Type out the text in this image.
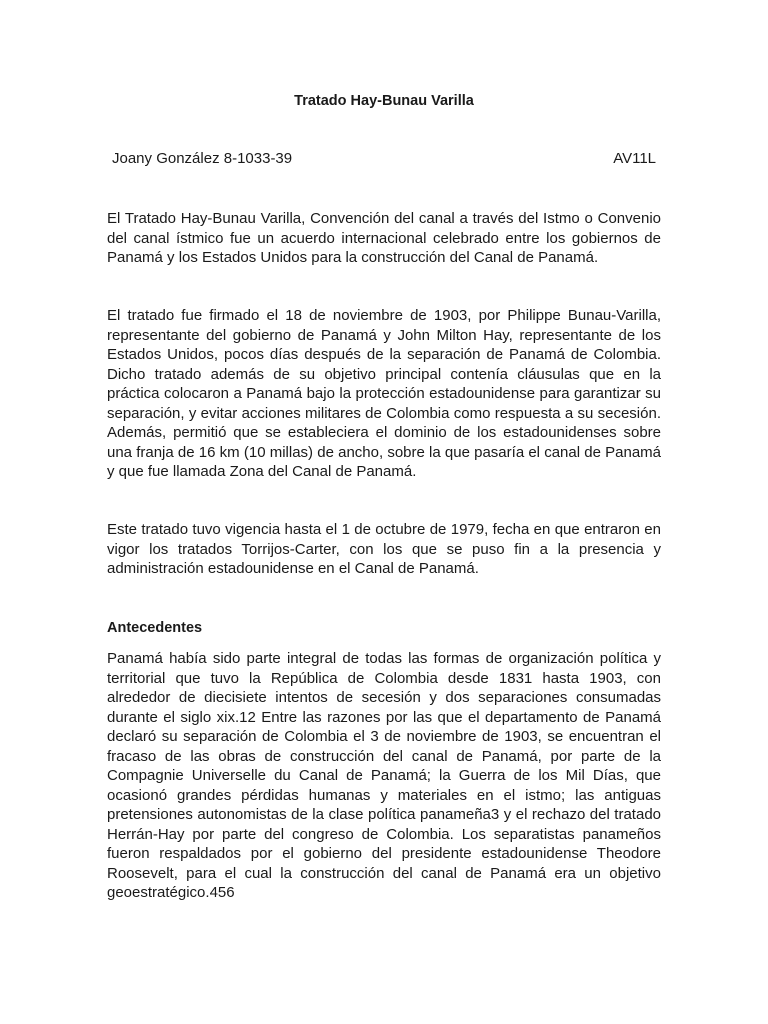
Tratado Hay-Bunau Varilla
Joany González 8-1033-39	AV11L

El Tratado Hay-Bunau Varilla, Convención del canal a través del Istmo o Convenio del canal ístmico fue un acuerdo internacional celebrado entre los gobiernos de Panamá y los Estados Unidos para la construcción del Canal de Panamá.

El tratado fue firmado el 18 de noviembre de 1903, por Philippe Bunau-Varilla, representante del gobierno de Panamá y John Milton Hay, representante de los Estados Unidos, pocos días después de la separación de Panamá de Colombia. Dicho tratado además de su objetivo principal contenía cláusulas que en la práctica colocaron a Panamá bajo la protección estadounidense para garantizar su separación, y evitar acciones militares de Colombia como respuesta a su secesión. Además, permitió que se estableciera el dominio de los estadounidenses sobre una franja de 16 km (10 millas) de ancho, sobre la que pasaría el canal de Panamá y que fue llamada Zona del Canal de Panamá.

Este tratado tuvo vigencia hasta el 1 de octubre de 1979, fecha en que entraron en vigor los tratados Torrijos-Carter, con los que se puso fin a la presencia y administración estadounidense en el Canal de Panamá.

Antecedentes

Panamá había sido parte integral de todas las formas de organización política y territorial que tuvo la República de Colombia desde 1831 hasta 1903, con alrededor de diecisiete intentos de secesión y dos separaciones consumadas durante el siglo xix.12 Entre las razones por las que el departamento de Panamá declaró su separación de Colombia el 3 de noviembre de 1903, se encuentran el fracaso de las obras de construcción del canal de Panamá, por parte de la Compagnie Universelle du Canal de Panamá; la Guerra de los Mil Días, que ocasionó grandes pérdidas humanas y materiales en el istmo; las antiguas pretensiones autonomistas de la clase política panameña3 y el rechazo del tratado Herrán-Hay por parte del congreso de Colombia. Los separatistas panameños fueron respaldados por el gobierno del presidente estadounidense Theodore Roosevelt, para el cual la construcción del canal de Panamá era un objetivo geoestratégico.456
